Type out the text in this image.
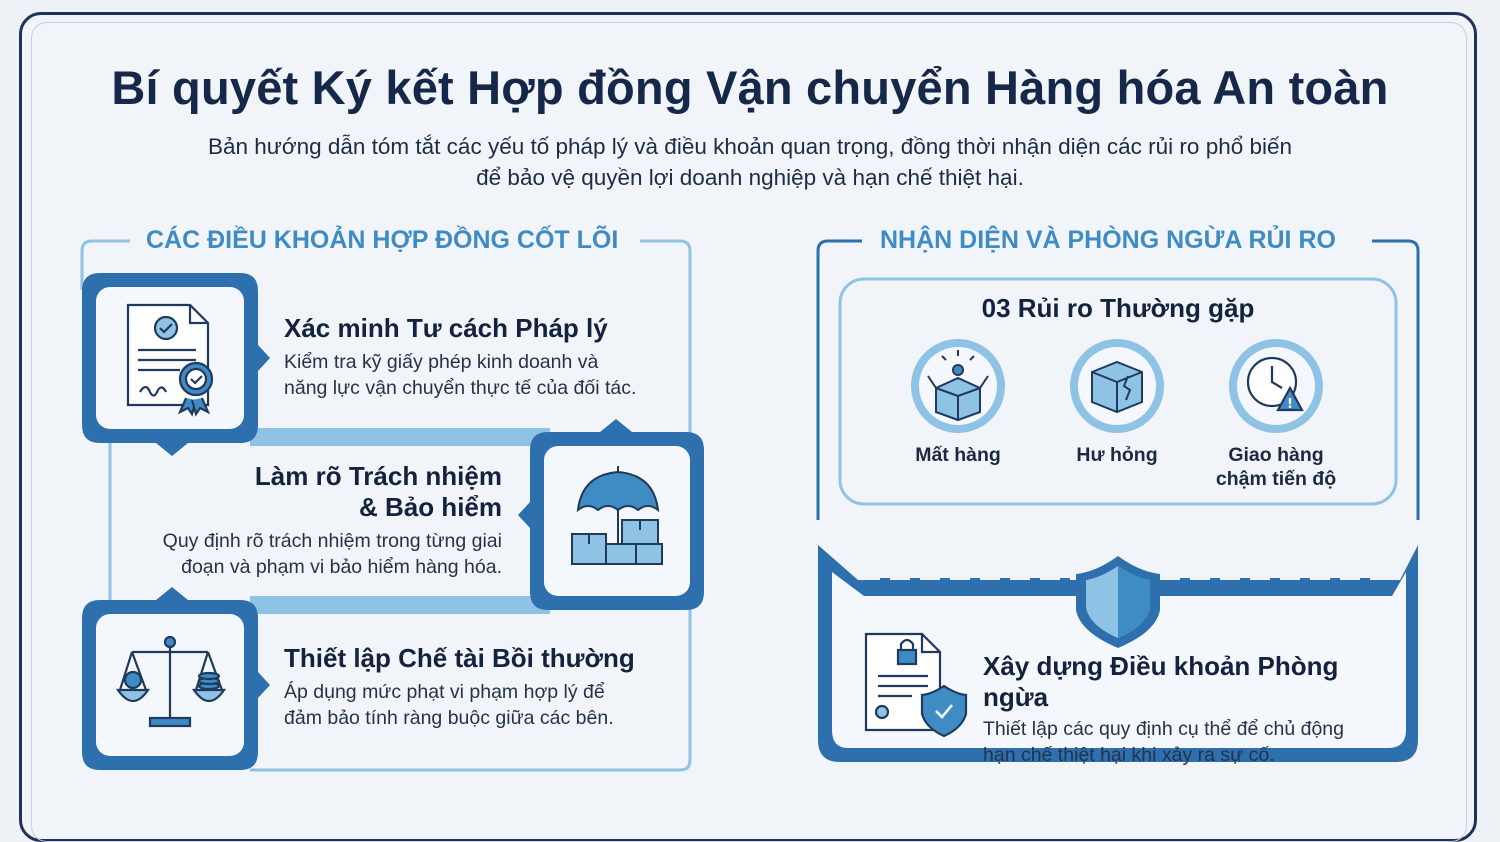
Bí quyết Ký kết Hợp đồng Vận chuyển Hàng hóa An toàn
Bản hướng dẫn tóm tắt các yếu tố pháp lý và điều khoản quan trọng, đồng thời nhận diện các rủi ro phổ biến
để bảo vệ quyền lợi doanh nghiệp và hạn chế thiệt hại.
!
CÁC ĐIỀU KHOẢN HỢP ĐỒNG CỐT LÕI	NHẬN DIỆN VÀ PHÒNG NGỪA RỦI RO
Xác minh Tư cách Pháp lý
Kiểm tra kỹ giấy phép kinh doanh và
năng lực vận chuyển thực tế của đối tác.
Làm rõ Trách nhiệm
& Bảo hiểm
Quy định rõ trách nhiệm trong từng giai
đoạn và phạm vi bảo hiểm hàng hóa.
Thiết lập Chế tài Bồi thường
Áp dụng mức phạt vi phạm hợp lý để
đảm bảo tính ràng buộc giữa các bên.
03 Rủi ro Thường gặp
Mất hàng	Hư hỏng	Giao hàng
chậm tiến độ
Xây dựng Điều khoản Phòng ngừa
Thiết lập các quy định cụ thể để chủ động
hạn chế thiệt hại khi xảy ra sự cố.
